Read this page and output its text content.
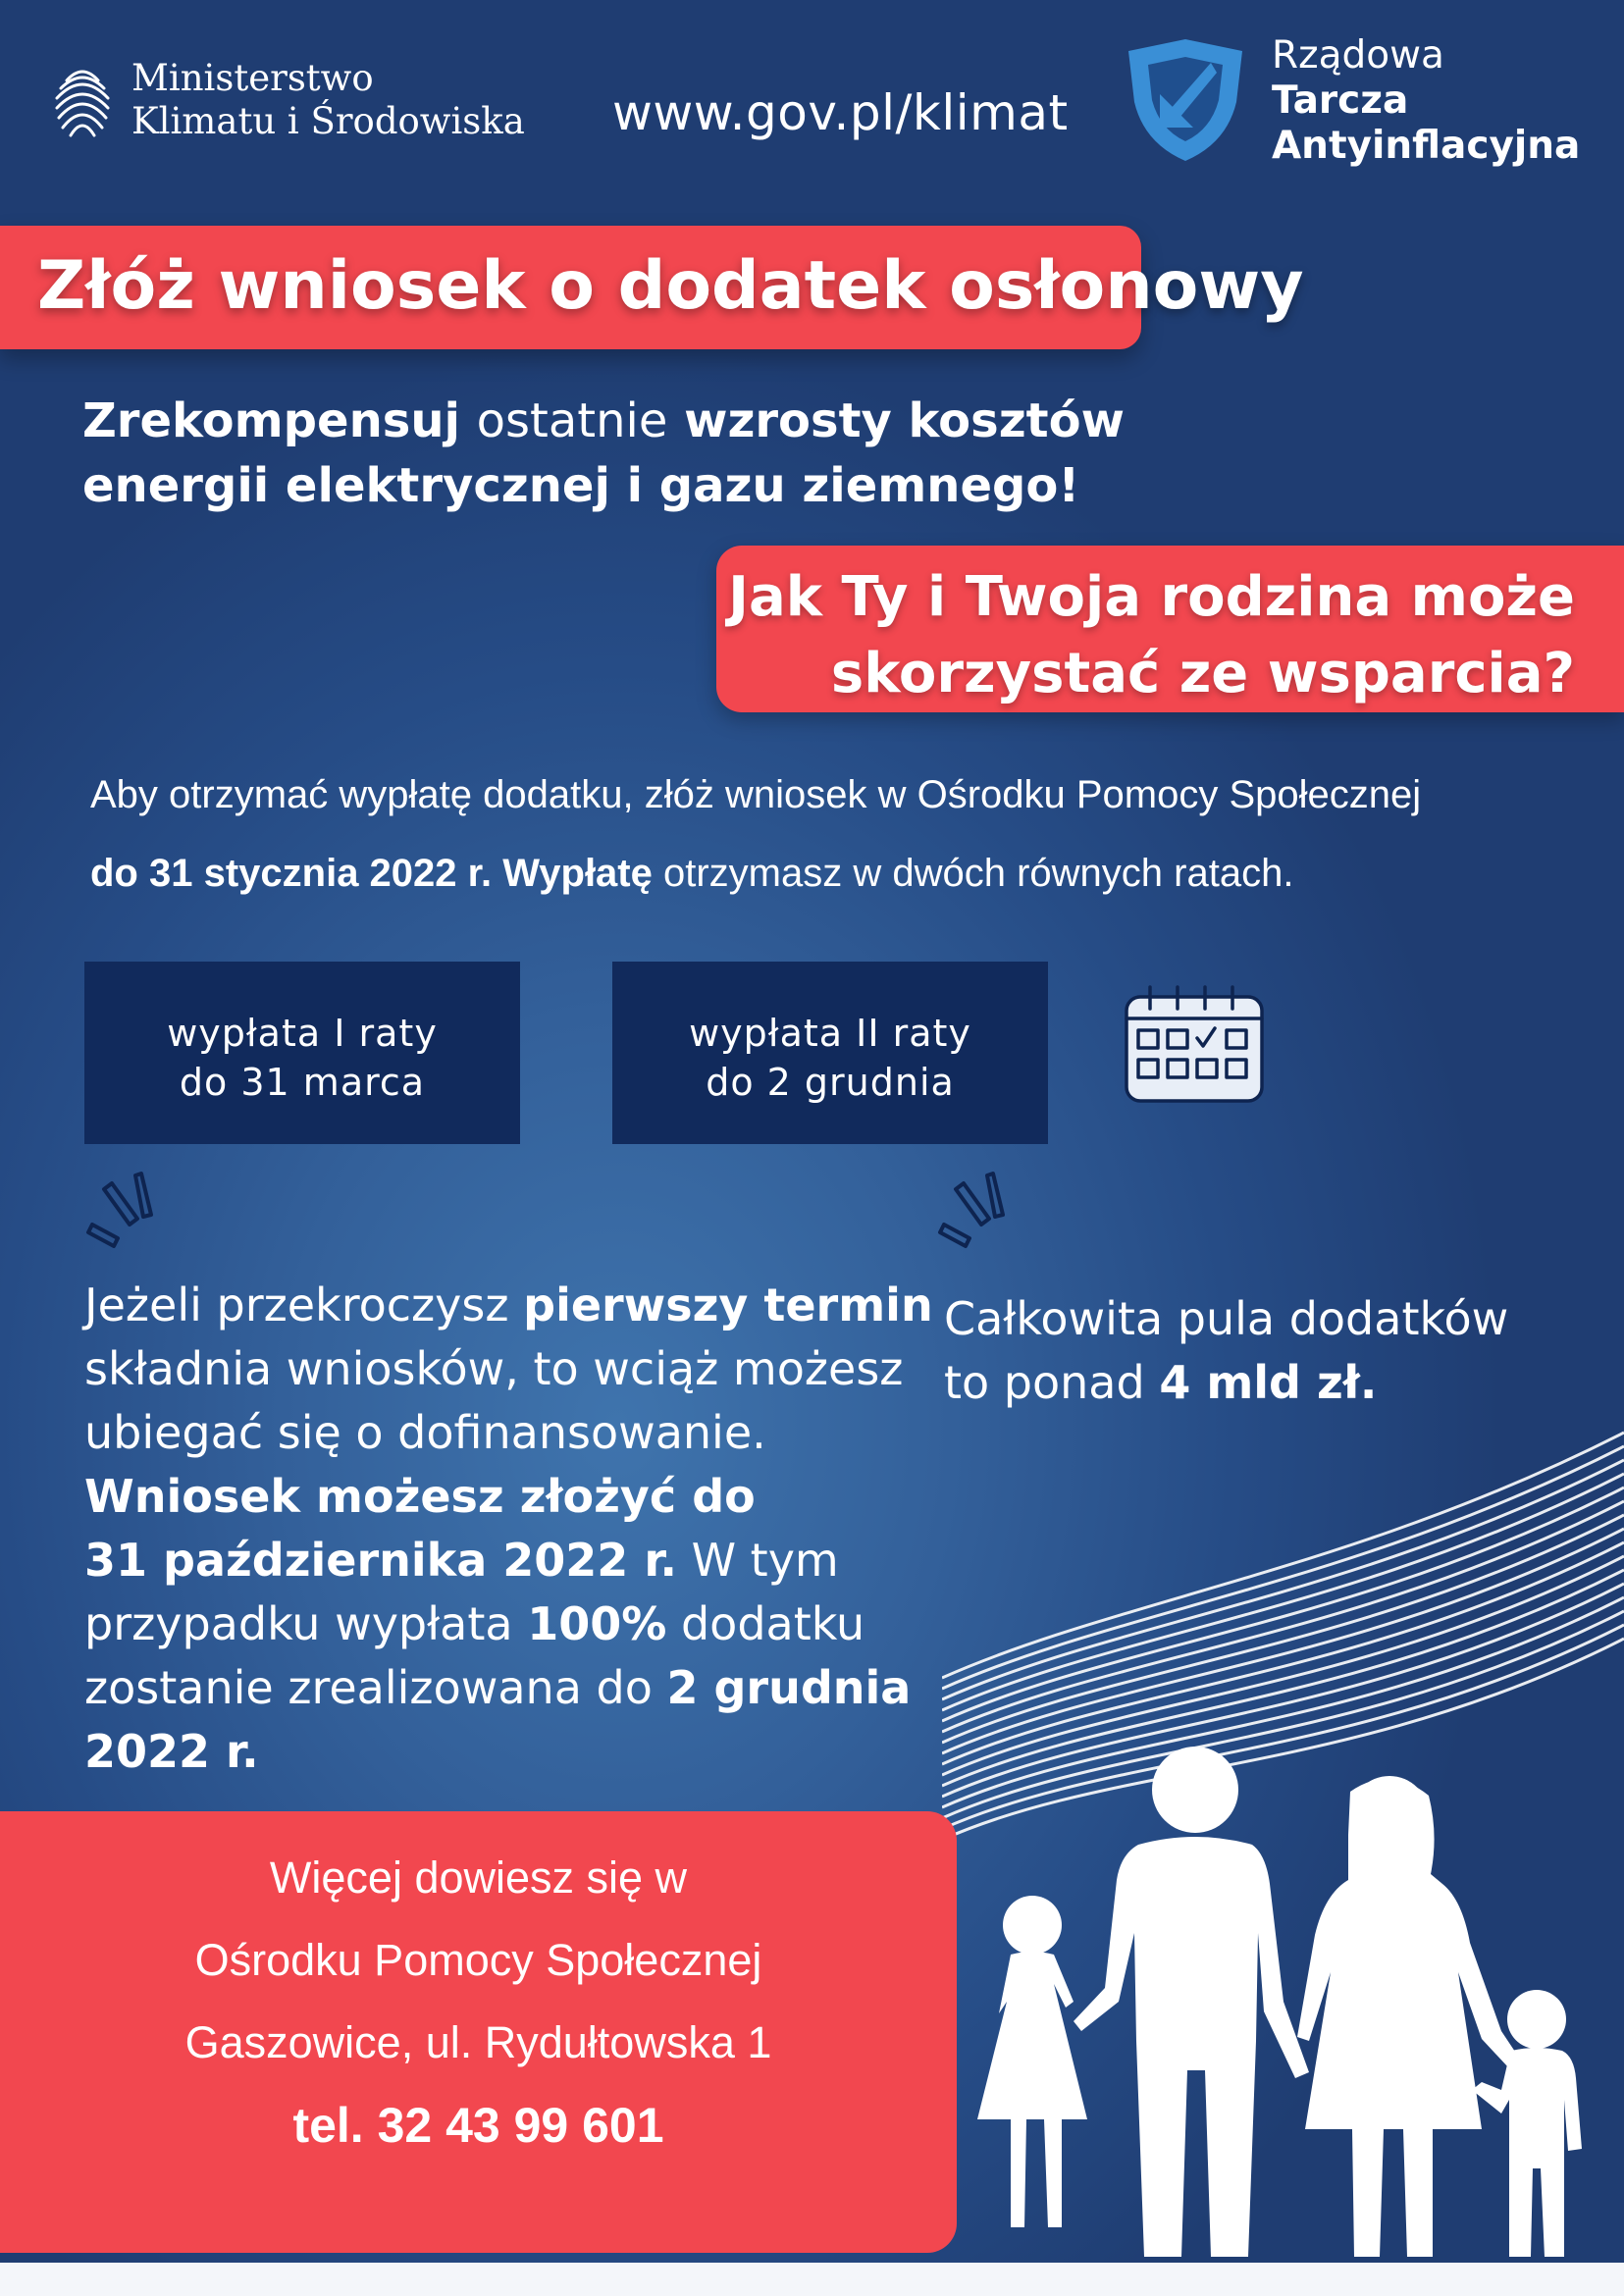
Ministerstwo
Klimatu i Środowiska www.gov.pl/klimat
Rządowa
Tarcza
Antyinflacyjna
Złóż wniosek o dodatek osłonowy
Zrekompensuj ostatnie wzrosty kosztów
energii elektrycznej i gazu ziemnego!
Jak Ty i Twoja rodzina może
skorzystać ze wsparcia?
Aby otrzymać wypłatę dodatku, złóż wniosek w Ośrodku Pomocy Społecznej
do 31 stycznia 2022 r. Wypłatę otrzymasz w dwóch równych ratach.
wypłata I raty
do 31 marca
wypłata II raty
do 2 grudnia
Jeżeli przekroczysz pierwszy termin
składnia wniosków, to wciąż możesz
ubiegać się o dofinansowanie.
Wniosek możesz złożyć do
31 października 2022 r. W tym
przypadku wypłata 100% dodatku
zostanie zrealizowana do 2 grudnia
2022 r.
Całkowita pula dodatków
to ponad 4 mld zł.
Więcej dowiesz się w
Ośrodku Pomocy Społecznej
Gaszowice, ul. Rydułtowska 1
tel. 32 43 99 601
